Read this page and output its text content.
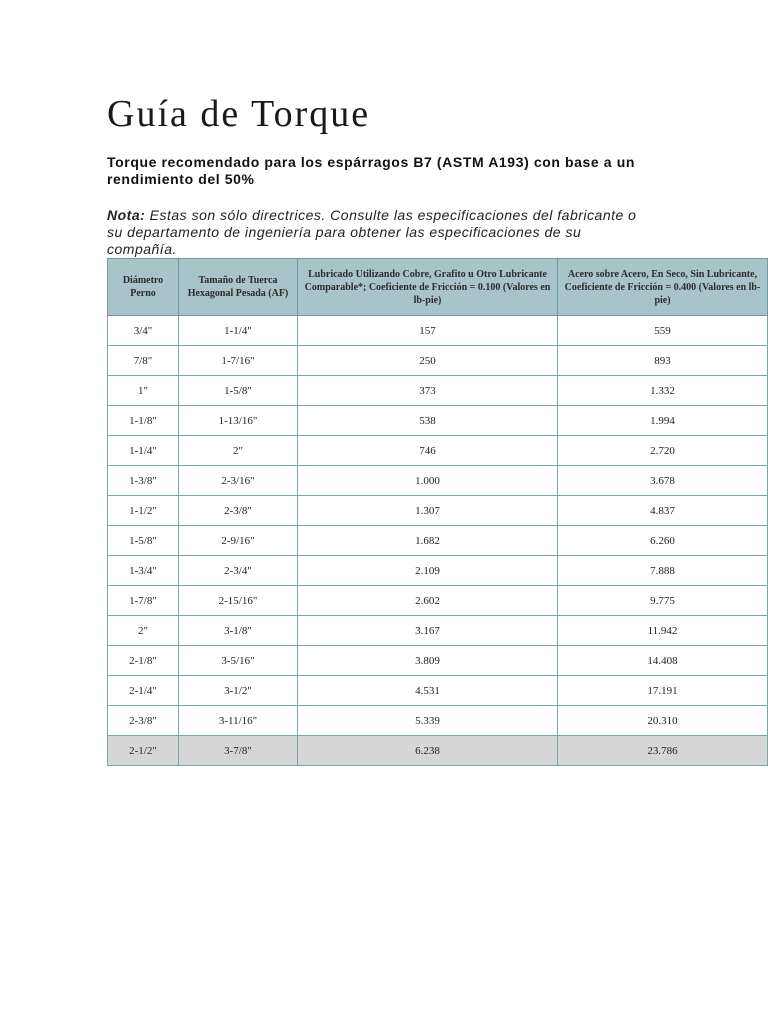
Guía de Torque

Torque recomendado para los espárragos B7 (ASTM A193) con base a un rendimiento del 50%

Nota: Estas son sólo directrices. Consulte las especificaciones del fabricante o su departamento de ingeniería para obtener las especificaciones de su compañía.

Diámetro Perno	Tamaño de Tuerca Hexagonal Pesada (AF)	Lubricado Utilizando Cobre, Grafito u Otro Lubricante Comparable*; Coeficiente de Fricción = 0.100 (Valores en lb-pie)	Acero sobre Acero, En Seco, Sin Lubricante, Coeficiente de Fricción = 0.400 (Valores en lb-pie)
3/4"	1-1/4"	157	559
7/8"	1-7/16"	250	893
1"	1-5/8"	373	1.332
1-1/8"	1-13/16"	538	1.994
1-1/4"	2"	746	2.720
1-3/8"	2-3/16"	1.000	3.678
1-1/2"	2-3/8"	1.307	4.837
1-5/8"	2-9/16"	1.682	6.260
1-3/4"	2-3/4"	2.109	7.888
1-7/8"	2-15/16"	2.602	9.775
2"	3-1/8"	3.167	11.942
2-1/8"	3-5/16"	3.809	14.408
2-1/4"	3-1/2"	4.531	17.191
2-3/8"	3-11/16"	5.339	20.310
2-1/2"	3-7/8"	6.238	23.786
